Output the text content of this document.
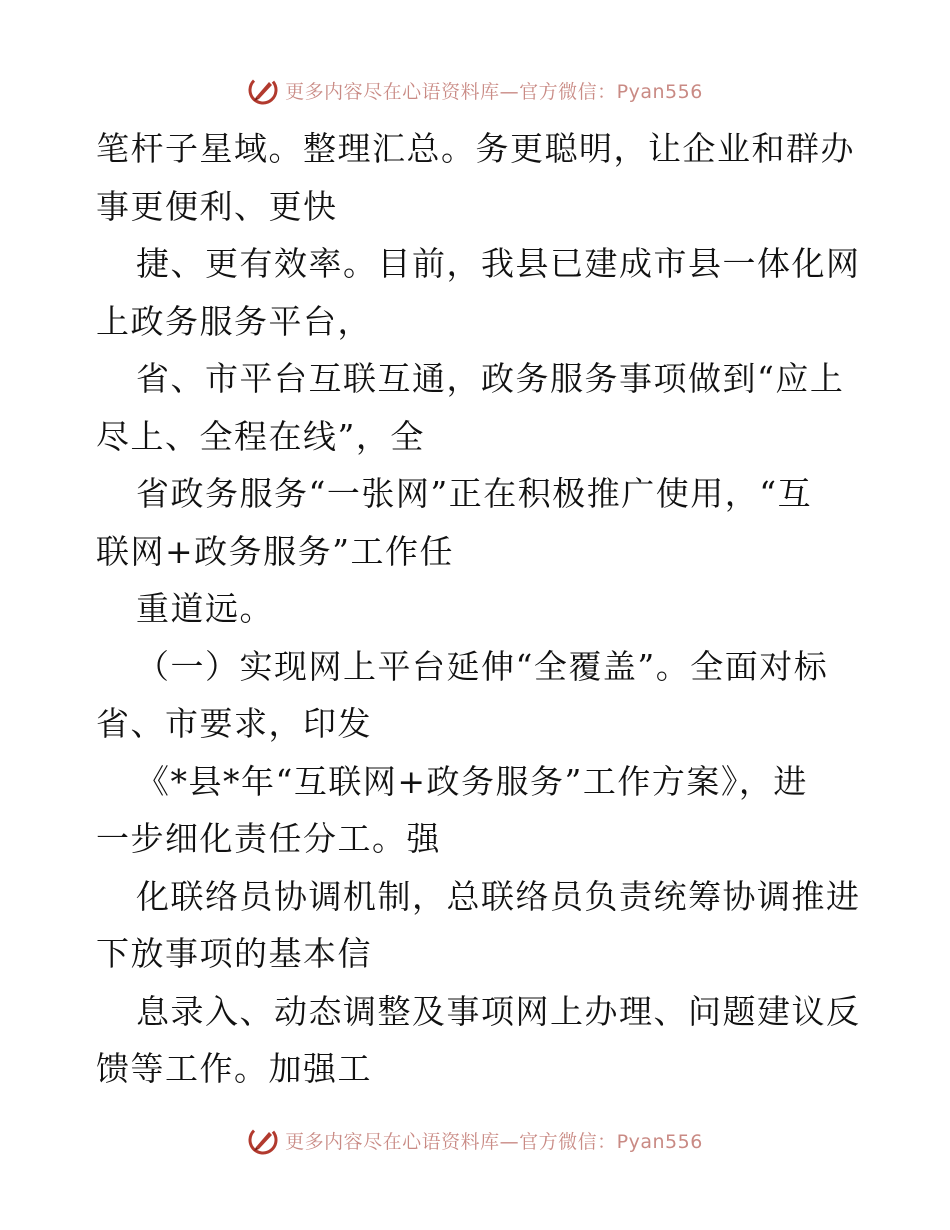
更多内容尽在心语资料库—官方微信：Pyan556
笔杆子星域。整理汇总。务更聪明，让企业和群办
事更便利、更快
捷、更有效率。目前，我县已建成市县一体化网
上政务服务平台，
省、市平台互联互通，政务服务事项做到“应上
尽上、全程在线”，全
省政务服务“一张网”正在积极推广使用，“互
联网+政务服务”工作任
重道远。
（一）实现网上平台延伸“全覆盖”。全面对标
省、市要求，印发
《*县*年“互联网+政务服务”工作方案》，进
一步细化责任分工。强
化联络员协调机制，总联络员负责统筹协调推进
下放事项的基本信
息录入、动态调整及事项网上办理、问题建议反
馈等工作。加强工
更多内容尽在心语资料库—官方微信：Pyan556
